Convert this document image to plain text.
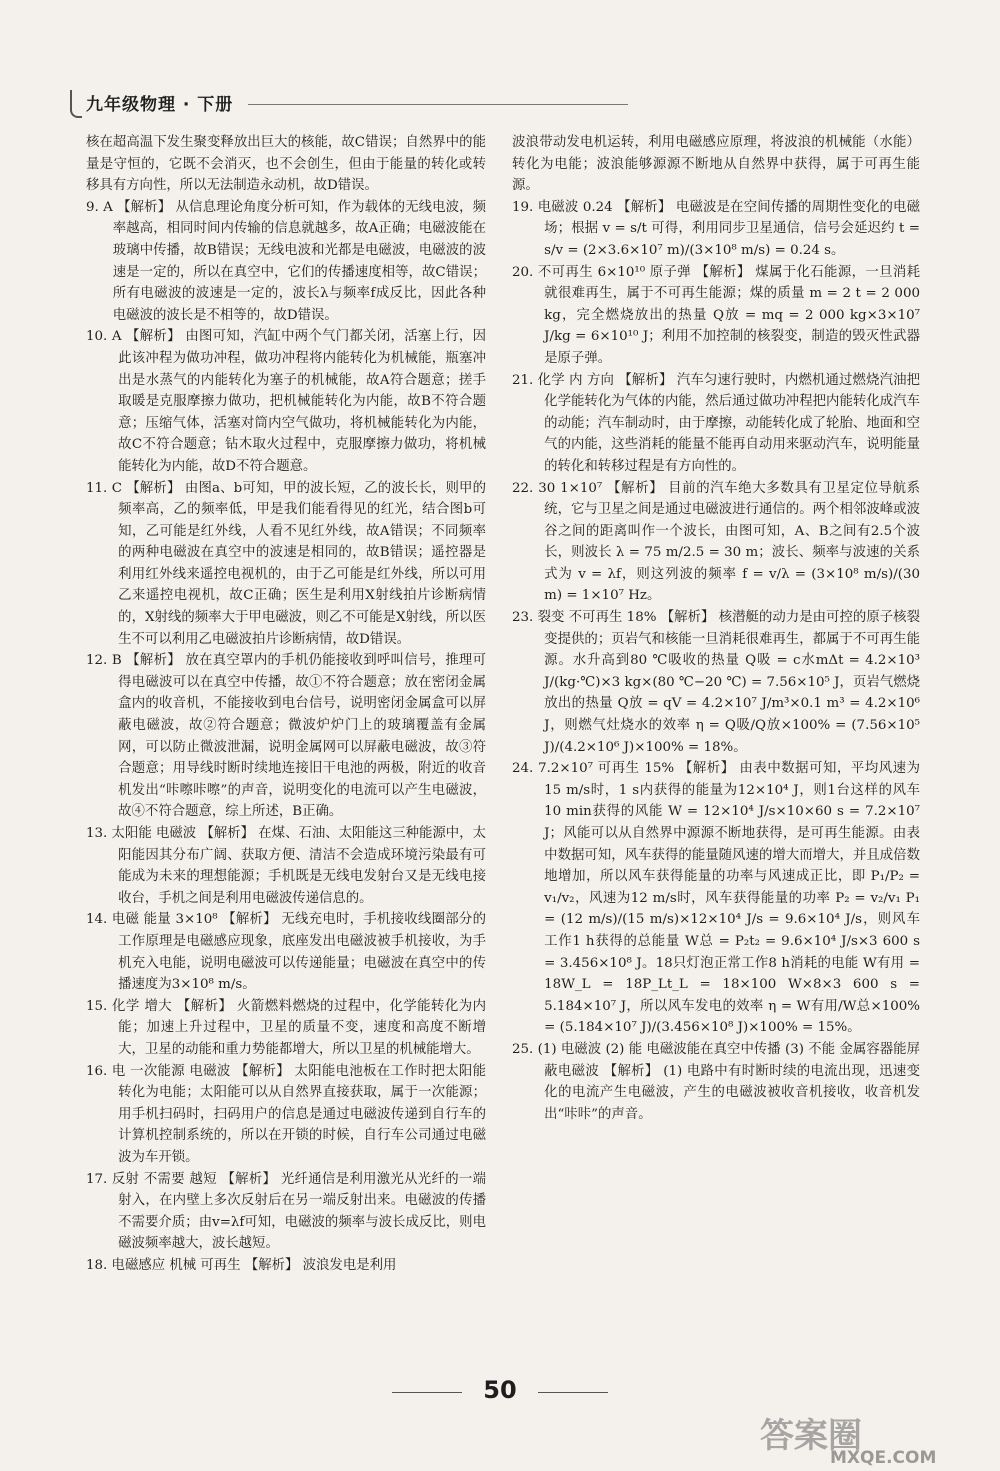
九年级物理 · 下册

核在超高温下发生聚变释放出巨大的核能，故C错误；自然界中的能量是守恒的，它既不会消灭，也不会创生，但由于能量的转化或转移具有方向性，所以无法制造永动机，故D错误。

9. A 【解析】 从信息理论角度分析可知，作为载体的无线电波，频率越高，相同时间内传输的信息就越多，故A正确；电磁波能在玻璃中传播，故B错误；无线电波和光都是电磁波，电磁波的波速是一定的，所以在真空中，它们的传播速度相等，故C错误；所有电磁波的波速是一定的，波长λ与频率f成反比，因此各种电磁波的波长是不相等的，故D错误。

10. A 【解析】 由图可知，汽缸中两个气门都关闭，活塞上行，因此该冲程为做功冲程，做功冲程将内能转化为机械能，瓶塞冲出是水蒸气的内能转化为塞子的机械能，故A符合题意；搓手取暖是克服摩擦力做功，把机械能转化为内能，故B不符合题意；压缩气体，活塞对筒内空气做功，将机械能转化为内能，故C不符合题意；钻木取火过程中，克服摩擦力做功，将机械能转化为内能，故D不符合题意。

11. C 【解析】 由图a、b可知，甲的波长短，乙的波长长，则甲的频率高，乙的频率低，甲是我们能看得见的红光，结合图b可知，乙可能是红外线，人看不见红外线，故A错误；不同频率的两种电磁波在真空中的波速是相同的，故B错误；遥控器是利用红外线来遥控电视机的，由于乙可能是红外线，所以可用乙来遥控电视机，故C正确；医生是利用X射线拍片诊断病情的，X射线的频率大于甲电磁波，则乙不可能是X射线，所以医生不可以利用乙电磁波拍片诊断病情，故D错误。

12. B 【解析】 放在真空罩内的手机仍能接收到呼叫信号，推理可得电磁波可以在真空中传播，故①不符合题意；放在密闭金属盒内的收音机，不能接收到电台信号，说明密闭金属盒可以屏蔽电磁波，故②符合题意；微波炉炉门上的玻璃覆盖有金属网，可以防止微波泄漏，说明金属网可以屏蔽电磁波，故③符合题意；用导线时断时续地连接旧干电池的两极，附近的收音机发出“咔嚓咔嚓”的声音，说明变化的电流可以产生电磁波，故④不符合题意，综上所述，B正确。

13. 太阳能 电磁波 【解析】 在煤、石油、太阳能这三种能源中，太阳能因其分布广阔、获取方便、清洁不会造成环境污染最有可能成为未来的理想能源；手机既是无线电发射台又是无线电接收台，手机之间是利用电磁波传递信息的。

14. 电磁 能量 3×10⁸ 【解析】 无线充电时，手机接收线圈部分的工作原理是电磁感应现象，底座发出电磁波被手机接收，为手机充入电能，说明电磁波可以传递能量；电磁波在真空中的传播速度为3×10⁸ m/s。

15. 化学 增大 【解析】 火箭燃料燃烧的过程中，化学能转化为内能；加速上升过程中，卫星的质量不变，速度和高度不断增大，卫星的动能和重力势能都增大，所以卫星的机械能增大。

16. 电 一次能源 电磁波 【解析】 太阳能电池板在工作时把太阳能转化为电能；太阳能可以从自然界直接获取，属于一次能源；用手机扫码时，扫码用户的信息是通过电磁波传递到自行车的计算机控制系统的，所以在开锁的时候，自行车公司通过电磁波为车开锁。

17. 反射 不需要 越短 【解析】 光纤通信是利用激光从光纤的一端射入，在内壁上多次反射后在另一端反射出来。电磁波的传播不需要介质；由v=λf可知，电磁波的频率与波长成反比，则电磁波频率越大，波长越短。

18. 电磁感应 机械 可再生 【解析】 波浪发电是利用

波浪带动发电机运转，利用电磁感应原理，将波浪的机械能（水能）转化为电能；波浪能够源源不断地从自然界中获得，属于可再生能源。

19. 电磁波 0.24 【解析】 电磁波是在空间传播的周期性变化的电磁场；根据 v = s/t 可得，利用同步卫星通信，信号会延迟约 t = s/v = (2×3.6×10⁷ m)/(3×10⁸ m/s) = 0.24 s。

20. 不可再生 6×10¹⁰ 原子弹 【解析】 煤属于化石能源，一旦消耗就很难再生，属于不可再生能源；煤的质量 m = 2 t = 2 000 kg，完全燃烧放出的热量 Q放 = mq = 2 000 kg×3×10⁷ J/kg = 6×10¹⁰ J；利用不加控制的核裂变，制造的毁灭性武器是原子弹。

21. 化学 内 方向 【解析】 汽车匀速行驶时，内燃机通过燃烧汽油把化学能转化为气体的内能，然后通过做功冲程把内能转化成汽车的动能；汽车制动时，由于摩擦，动能转化成了轮胎、地面和空气的内能，这些消耗的能量不能再自动用来驱动汽车，说明能量的转化和转移过程是有方向性的。

22. 30 1×10⁷ 【解析】 目前的汽车绝大多数具有卫星定位导航系统，它与卫星之间是通过电磁波进行通信的。两个相邻波峰或波谷之间的距离叫作一个波长，由图可知，A、B之间有2.5个波长，则波长 λ = 75 m/2.5 = 30 m；波长、频率与波速的关系式为 v = λf，则这列波的频率 f = v/λ = (3×10⁸ m/s)/(30 m) = 1×10⁷ Hz。

23. 裂变 不可再生 18% 【解析】 核潜艇的动力是由可控的原子核裂变提供的；页岩气和核能一旦消耗很难再生，都属于不可再生能源。水升高到80 ℃吸收的热量 Q吸 = c水mΔt = 4.2×10³ J/(kg·℃)×3 kg×(80 ℃−20 ℃) = 7.56×10⁵ J，页岩气燃烧放出的热量 Q放 = qV = 4.2×10⁷ J/m³×0.1 m³ = 4.2×10⁶ J，则燃气灶烧水的效率 η = Q吸/Q放×100% = (7.56×10⁵ J)/(4.2×10⁶ J)×100% = 18%。

24. 7.2×10⁷ 可再生 15% 【解析】 由表中数据可知，平均风速为15 m/s时，1 s内获得的能量为12×10⁴ J，则1台这样的风车10 min获得的风能 W = 12×10⁴ J/s×10×60 s = 7.2×10⁷ J；风能可以从自然界中源源不断地获得，是可再生能源。由表中数据可知，风车获得的能量随风速的增大而增大，并且成倍数地增加，所以风车获得能量的功率与风速成正比，即 P₁/P₂ = v₁/v₂，风速为12 m/s时，风车获得能量的功率 P₂ = v₂/v₁ P₁ = (12 m/s)/(15 m/s)×12×10⁴ J/s = 9.6×10⁴ J/s，则风车工作1 h获得的总能量 W总 = P₂t₂ = 9.6×10⁴ J/s×3 600 s = 3.456×10⁸ J。18只灯泡正常工作8 h消耗的电能 W有用 = 18W_L = 18P_Lt_L = 18×100 W×8×3 600 s = 5.184×10⁷ J，所以风车发电的效率 η = W有用/W总×100% = (5.184×10⁷ J)/(3.456×10⁸ J)×100% = 15%。

25. (1) 电磁波 (2) 能 电磁波能在真空中传播 (3) 不能 金属容器能屏蔽电磁波 【解析】 (1) 电路中有时断时续的电流出现，迅速变化的电流产生电磁波，产生的电磁波被收音机接收，收音机发出“咔咔”的声音。

50
答案圈
MXQE.COM
